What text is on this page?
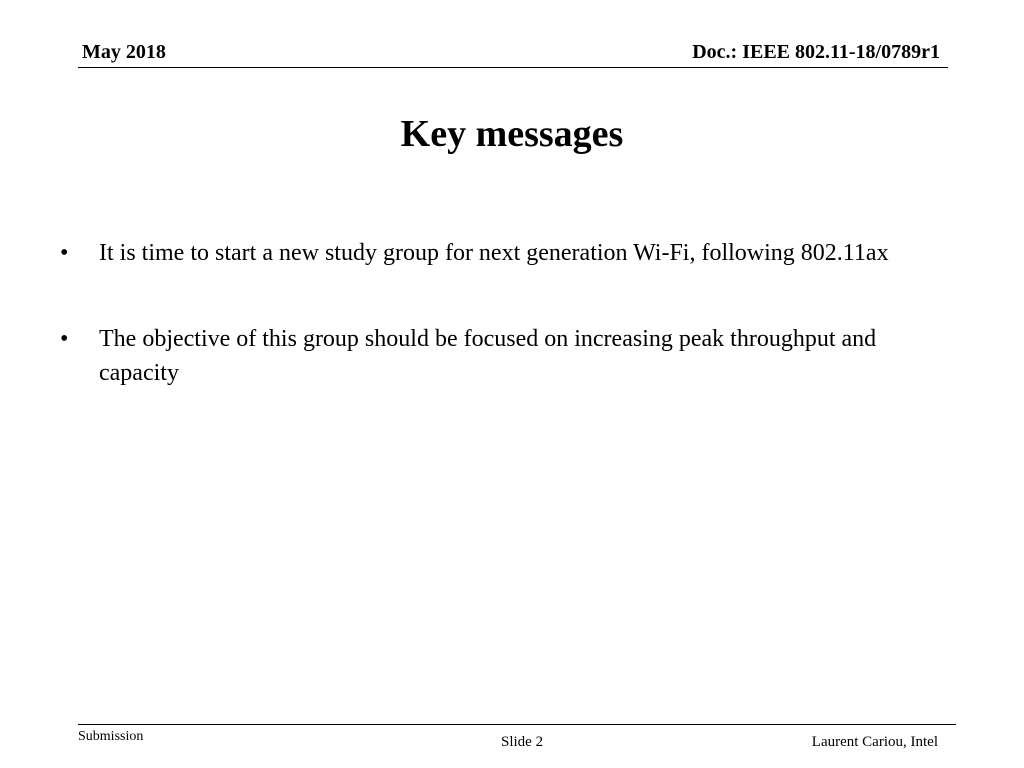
May 2018	Doc.: IEEE 802.11-18/0789r1
Key messages
• It is time to start a new study group for next generation Wi-Fi, following 802.11ax
• The objective of this group should be focused on increasing peak throughput and capacity
Submission	Slide 2	Laurent Cariou, Intel
